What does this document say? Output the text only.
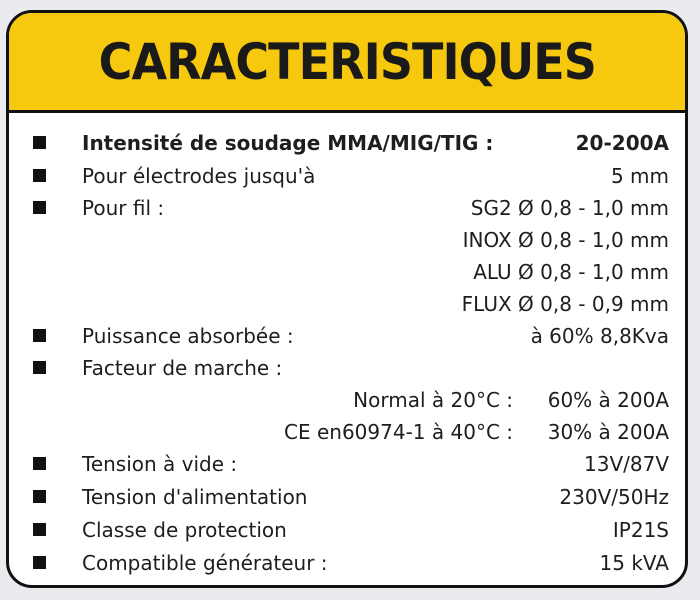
CARACTERISTIQUES
Intensité de soudage MMA/MIG/TIG :	20-200A
Pour électrodes jusqu'à	5 mm
Pour fil :	SG2 Ø 0,8 - 1,0 mm
INOX Ø 0,8 - 1,0 mm
ALU Ø 0,8 - 1,0 mm
FLUX Ø 0,8 - 0,9 mm
Puissance absorbée :	à 60% 8,8Kva
Facteur de marche :
Normal à 20°C : 60% à 200A
CE en60974-1 à 40°C : 30% à 200A
Tension à vide :	13V/87V
Tension d'alimentation	230V/50Hz
Classe de protection	IP21S
Compatible générateur :	15 kVA
